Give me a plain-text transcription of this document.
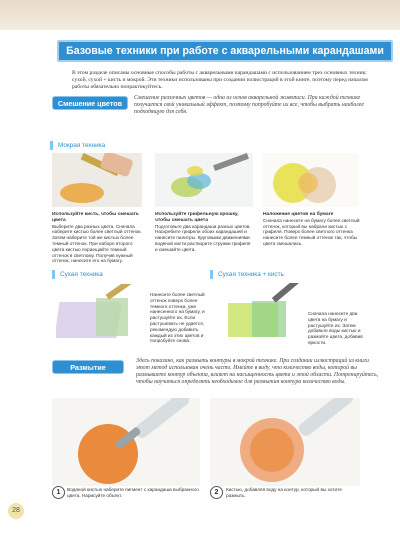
Базовые техники при работе с акварельными карандашами
В этом разделе описаны основные способы работы с акварельными карандашами с использованием трех основных техник: сухой, сухой + кисть и мокрой. Эти техники использованы при создании иллюстраций в этой книге, поэтому перед началом работы обязательно попрактикуйтесь.
Смешение цветов
Смешение различных цветов — одна из основ акварельной живописи. При каждой технике получается свой уникальный эффект, поэтому попробуйте их все, чтобы выбрать наиболее подходящую для себя.
Мокрая техника
Используйте кисть, чтобы смешать цвета
Выберите два разных цвета. Сначала наберите кистью более светлый оттенок. Затем наберите той же кистью более темный оттенок. При наборе второго цвета кистью пораещайте темный оттенок в светлому. Получив нужный оттенок, нанесите его на бумагу.
Используйте грифельную крошку, чтобы смешать цвета
Подготовьте два карандаша разных цветов. Наскребите грифели обоих карандашей и нанесите палитры. Круговыми движениями водяной кисти растворите стружки грифеля и смешайте цвета.
Наложение цветов на бумаге
Сначала нанесите на бумагу более светлый оттенок, который вы набрали кистью с грифеля. Поверх более светлого оттенка нанесите более темный оттенок так, чтобы цвета смешались.
Сухая техника
Нанесите более светлый оттенок поверх более темного оттенка, уже нанесенного на бумагу, и растушуйте их. Если растушевать не удается, рекомендую добавить каждый из этих цветов и попробуйте снова.
Сухая техника + кисть
Сначала нанесите два цвета на бумагу и растушуйте их. Затем добавьте воды кистью и размойте цвета, добавив яркости.
Размытие контуров
Здесь показано, как размыть контуры в мокрой технике. При создании иллюстраций из книги этот метод использован очень часто. Имейте в виду, что количество воды, которой вы размываете контур объекта, влияет на насыщенность цвета и этой области. Потренируйтесь, чтобы научиться определять необходимое для размытия контура количество воды.
1	Водяной кистью наберите пигмент с карандаша выбранного цвета. Нарисуйте объект.	2	Кистью, добавляя воду на контур, который вы хотите размыть.
28
